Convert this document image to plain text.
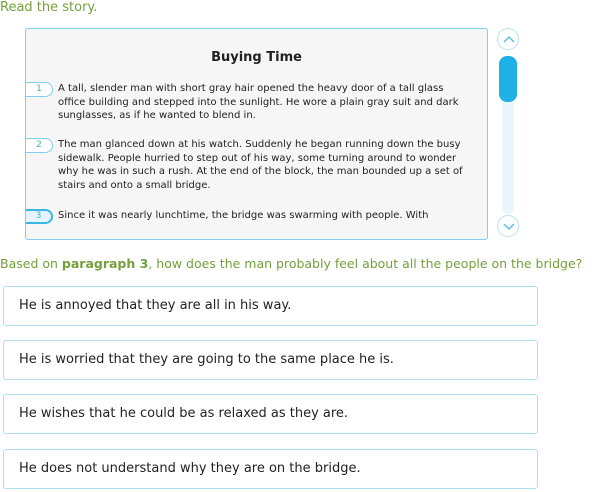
Read the story.
Buying Time
1	A tall, slender man with short gray hair opened the heavy door of a tall glass office building and stepped into the sunlight. He wore a plain gray suit and dark sunglasses, as if he wanted to blend in.
2	The man glanced down at his watch. Suddenly he began running down the busy sidewalk. People hurried to step out of his way, some turning around to wonder why he was in such a rush. At the end of the block, the man bounded up a set of stairs and onto a small bridge.
3	Since it was nearly lunchtime, the bridge was swarming with people. With
Based on paragraph 3, how does the man probably feel about all the people on the bridge?
He is annoyed that they are all in his way.
He is worried that they are going to the same place he is.
He wishes that he could be as relaxed as they are.
He does not understand why they are on the bridge.
